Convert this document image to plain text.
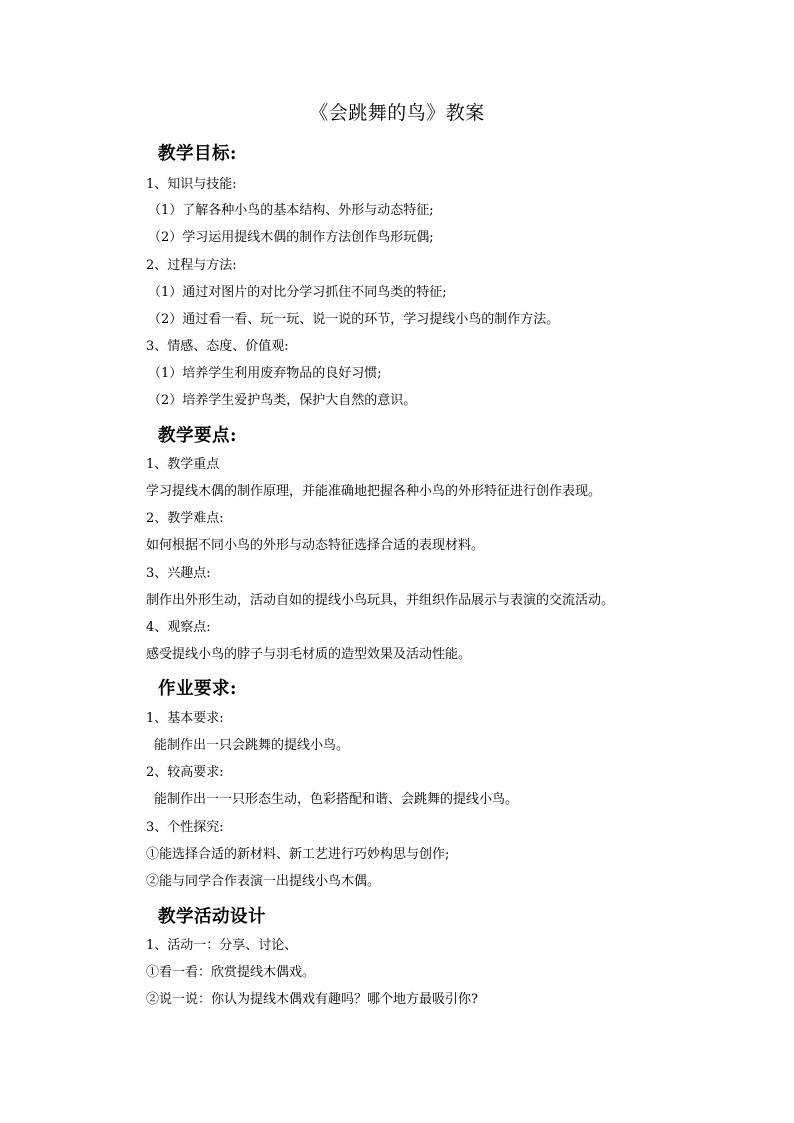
《会跳舞的鸟》教案
教学目标:

1、知识与技能:

（1）了解各种小鸟的基本结构、外形与动态特征;

（2）学习运用提线木偶的制作方法创作鸟形玩偶;

2、过程与方法:

（1）通过对图片的对比分学习抓住不同鸟类的特征;

（2）通过看一看、玩一玩、说一说的环节，学习提线小鸟的制作方法。

3、情感、态度、价值观:

（1）培养学生利用废弃物品的良好习惯;

（2）培养学生爱护鸟类，保护大自然的意识。

教学要点:

1、教学重点

学习提线木偶的制作原理，并能准确地把握各种小鸟的外形特征进行创作表现。

2、教学难点:

如何根据不同小鸟的外形与动态特征选择合适的表现材料。

3、兴趣点:

制作出外形生动，活动自如的提线小鸟玩具，并组织作品展示与表演的交流活动。

4、观察点:

感受提线小鸟的脖子与羽毛材质的造型效果及活动性能。

作业要求:

1、基本要求:

能制作出一只会跳舞的提线小鸟。

2、较高要求:

能制作出一一只形态生动，色彩搭配和谐、会跳舞的提线小鸟。

3、个性探究:

①能选择合适的新材料、新工艺进行巧妙构思与创作;

②能与同学合作表演一出提线小鸟木偶。

教学活动设计

1、活动一：分享、讨论、

①看一看：欣赏提线木偶戏。

②说一说：你认为提线木偶戏有趣吗？哪个地方最吸引你?
